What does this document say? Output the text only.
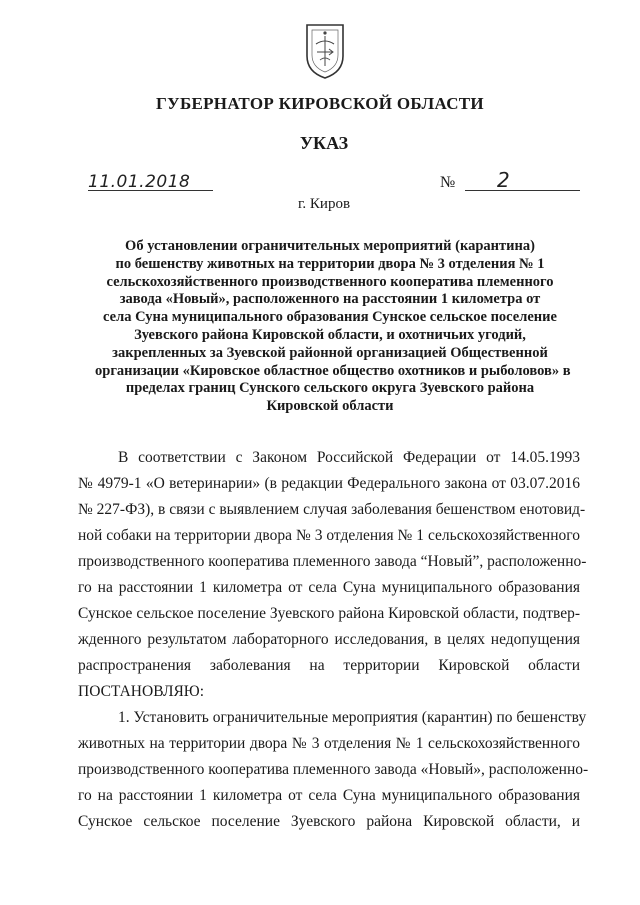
ГУБЕРНАТОР КИРОВСКОЙ ОБЛАСТИ
УКАЗ
11.01.2018	№ 2
г. Киров
Об установлении ограничительных мероприятий (карантина)
по бешенству животных на территории двора № 3 отделения № 1
сельскохозяйственного производственного кооператива племенного
завода «Новый», расположенного на расстоянии 1 километра от
села Суна муниципального образования Сунское сельское поселение
Зуевского района Кировской области, и охотничьих угодий,
закрепленных за Зуевской районной организацией Общественной
организации «Кировское областное общество охотников и рыболовов» в
пределах границ Сунского сельского округа Зуевского района
Кировской области
В соответствии с Законом Российской Федерации от 14.05.1993
№ 4979-1 «О ветеринарии» (в редакции Федерального закона от 03.07.2016
№ 227-ФЗ), в связи с выявлением случая заболевания бешенством енотовид-
ной собаки на территории двора № 3 отделения № 1 сельскохозяйственного
производственного кооператива племенного завода “Новый”, расположенно-
го на расстоянии 1 километра от села Суна муниципального образования
Сунское сельское поселение Зуевского района Кировской области, подтвер-
жденного результатом лабораторного исследования, в целях недопущения
распространения заболевания на территории Кировской области
ПОСТАНОВЛЯЮ:
1. Установить ограничительные мероприятия (карантин) по бешенству
животных на территории двора № 3 отделения № 1 сельскохозяйственного
производственного кооператива племенного завода «Новый», расположенно-
го на расстоянии 1 километра от села Суна муниципального образования
Сунское сельское поселение Зуевского района Кировской области, и
